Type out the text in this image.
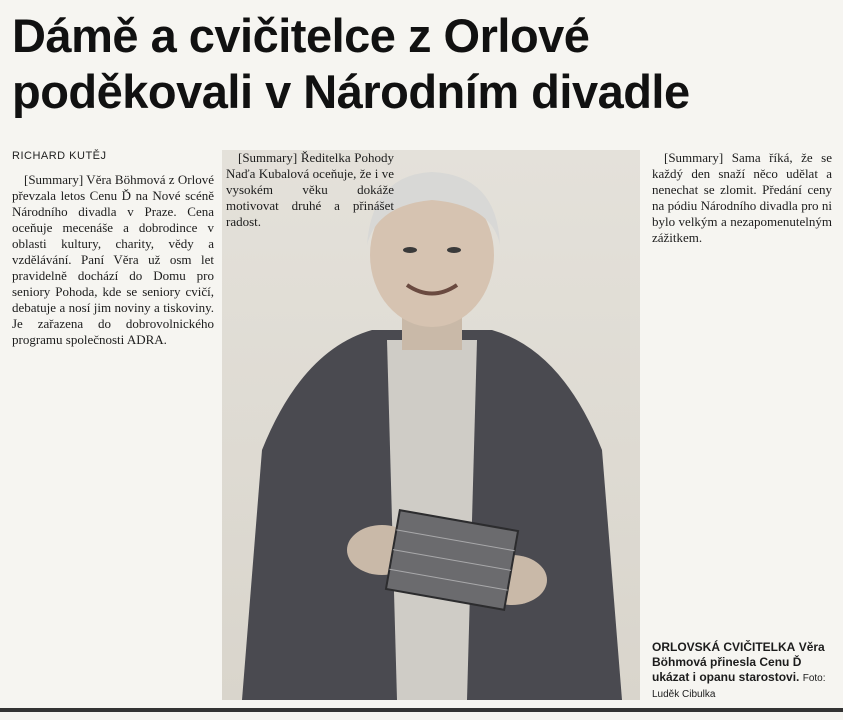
Dámě a cvičitelce z Orlové poděkovali v Národním divadle
RICHARD KUTĚJ

[Summary] Věra Böhmová z Orlové převzala letos Cenu Ď na Nové scéně Národního divadla v Praze. Cena oceňuje mecenáše a dobrodince v oblasti kultury, charity, vědy a vzdělávání. Paní Věra už osm let pravidelně dochází do Domu pro seniory Pohoda, kde se seniory cvičí, debatuje a nosí jim noviny a tiskoviny. Je zařazena do dobrovolnického programu společnosti ADRA.

[Summary] Ředitelka Pohody Naďa Kubalová oceňuje, že i ve vysokém věku dokáže motivovat druhé a přinášet radost.

[Summary] Sama říká, že se každý den snaží něco udělat a nenechat se zlomit. Předání ceny na pódiu Národního divadla pro ni bylo velkým a nezapomenutelným zážitkem.

ORLOVSKÁ CVIČITELKA Věra Böhmová přinesla Cenu Ď ukázat i opanu starostovi. Foto: Luděk Cibulka
